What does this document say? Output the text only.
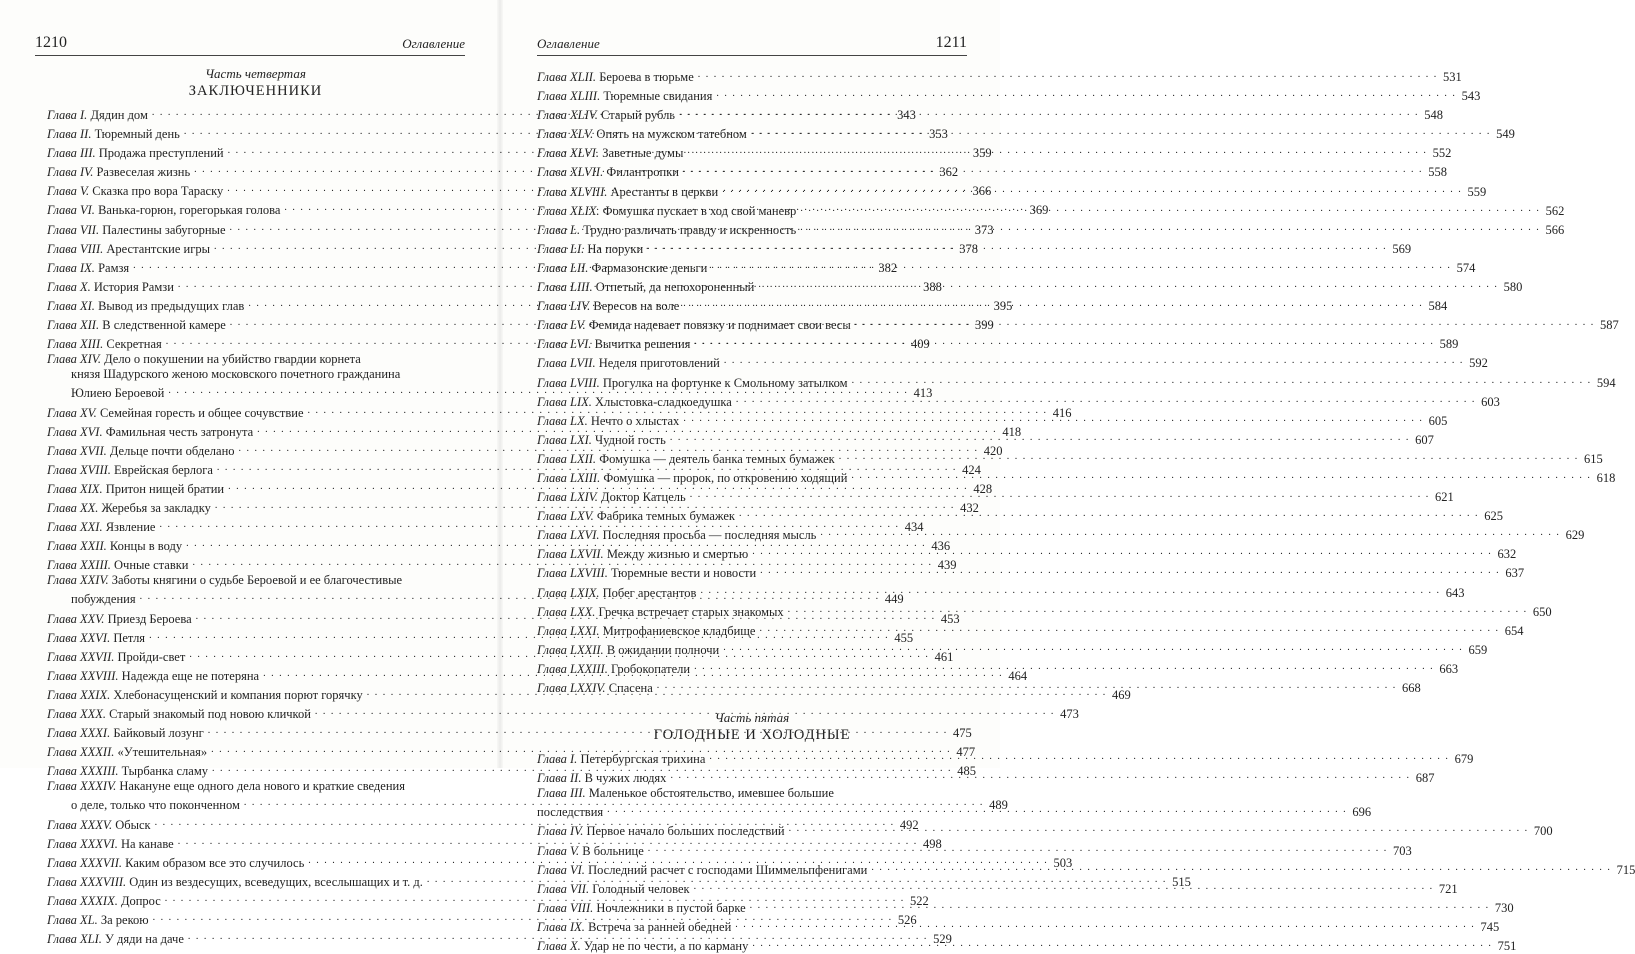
1210	Оглавление
Часть четвертая
ЗАКЛЮЧЕННИКИ
Глава I. Дядин дом . . .	343
Глава II. Тюремный день . . .	353
Глава III. Продажа преступлений . . .	359
Глава IV. Развеселая жизнь . . .	362
Глава V. Сказка про вора Тараску . . .	366
Глава VI. Ванька-горюн, горегорькая голова . . .	369
Глава VII. Палестины забугорные . . .	373
Глава VIII. Арестантские игры . . .	378
Глава IX. Рамзя . . .	382
Глава X. История Рамзи . . .	388
Глава XI. Вывод из предыдущих глав . . .	395
Глава XII. В следственной камере . . .	399
Глава XIII. Секретная . . .	409
Глава XIV. Дело о покушении на убийство гвардии корнета
князя Шадурского женою московского почетного гражданина
Юлиею Бероевой . . .	413
Глава XV. Семейная горесть и общее сочувствие . . .	416
Глава XVI. Фамильная честь затронута . . .	418
Глава XVII. Дельце почти обделано . . .	420
Глава XVIII. Еврейская берлога . . .	424
Глава XIX. Притон нищей братии . . .	428
Глава XX. Жеребья за закладку . . .	432
Глава XXI. Язвление . . .	434
Глава XXII. Концы в воду . . .	436
Глава XXIII. Очные ставки . . .	439
Глава XXIV. Заботы княгини о судьбе Бероевой и ее благочестивые
побуждения . . .	449
Глава XXV. Приезд Бероева . . .	453
Глава XXVI. Петля . . .	455
Глава XXVII. Пройди-свет . . .	461
Глава XXVIII. Надежда еще не потеряна . . .	464
Глава XXIX. Хлебонасущенский и компания порют горячку . . .	469
Глава XXX. Старый знакомый под новою кличкой . . .	473
Глава XXXI. Байковый лозунг . . .	475
Глава XXXII. «Утешительная» . . .	477
Глава XXXIII. Тырбанка сламу . . .	485
Глава XXXIV. Накануне еще одного дела нового и краткие сведения
о деле, только что поконченном . . .	489
Глава XXXV. Обыск . . .	492
Глава XXXVI. На канаве . . .	498
Глава XXXVII. Каким образом все это случилось . . .	503
Глава XXXVIII. Один из вездесущих, всеведущих, всеслышащих и т. д. . . .	515
Глава XXXIX. Допрос . . .	522
Глава XL. За рекою . . .	526
Глава XLI. У дяди на даче . . .	529
Оглавление	1211
Глава XLII. Бероева в тюрьме . . .	531
Глава XLIII. Тюремные свидания . . .	543
Глава XLIV. Старый рубль . . .	548
Глава XLV. Опять на мужском татебном . . .	549
Глава XLVI. Заветные думы . . .	552
Глава XLVII. Филантропки . . .	558
Глава XLVIII. Арестанты в церкви . . .	559
Глава XLIX. Фомушка пускает в ход свой маневр . . .	562
Глава L. Трудно различать правду и искренность . . .	566
Глава LI. На поруки . . .	569
Глава LII. Фармазонские деньги . . .	574
Глава LIII. Отпетый, да непохороненный . . .	580
Глава LIV. Вересов на воле . . .	584
Глава LV. Фемида надевает повязку и поднимает свои весы . . .	587
Глава LVI. Вычитка решения . . .	589
Глава LVII. Неделя приготовлений . . .	592
Глава LVIII. Прогулка на фортунке к Смольному затылком . . .	594
Глава LIX. Хлыстовка-сладкоедушка . . .	603
Глава LX. Нечто о хлыстах . . .	605
Глава LXI. Чудной гость . . .	607
Глава LXII. Фомушка — деятель банка темных бумажек . . .	615
Глава LXIII. Фомушка — пророк, по откровению ходящий . . .	618
Глава LXIV. Доктор Катцель . . .	621
Глава LXV. Фабрика темных бумажек . . .	625
Глава LXVI. Последняя просьба — последняя мысль . . .	629
Глава LXVII. Между жизнью и смертью . . .	632
Глава LXVIII. Тюремные вести и новости . . .	637
Глава LXIX. Побег арестантов . . .	643
Глава LXX. Гречка встречает старых знакомых . . .	650
Глава LXXI. Митрофаниевское кладбище . . .	654
Глава LXXII. В ожидании полночи . . .	659
Глава LXXIII. Гробокопатели . . .	663
Глава LXXIV. Спасена . . .	668
Часть пятая
ГОЛОДНЫЕ И ХОЛОДНЫЕ
Глава I. Петербургская трихина . . .	679
Глава II. В чужих людях . . .	687
Глава III. Маленькое обстоятельство, имевшее большие
последствия . . .	696
Глава IV. Первое начало больших последствий . . .	700
Глава V. В больнице . . .	703
Глава VI. Последний расчет с господами Шиммельпфенигами . . .	715
Глава VII. Голодный человек . . .	721
Глава VIII. Ночлежники в пустой барке . . .	730
Глава IX. Встреча за ранней обедней . . .	745
Глава X. Удар не по чести, а по карману . . .	751
